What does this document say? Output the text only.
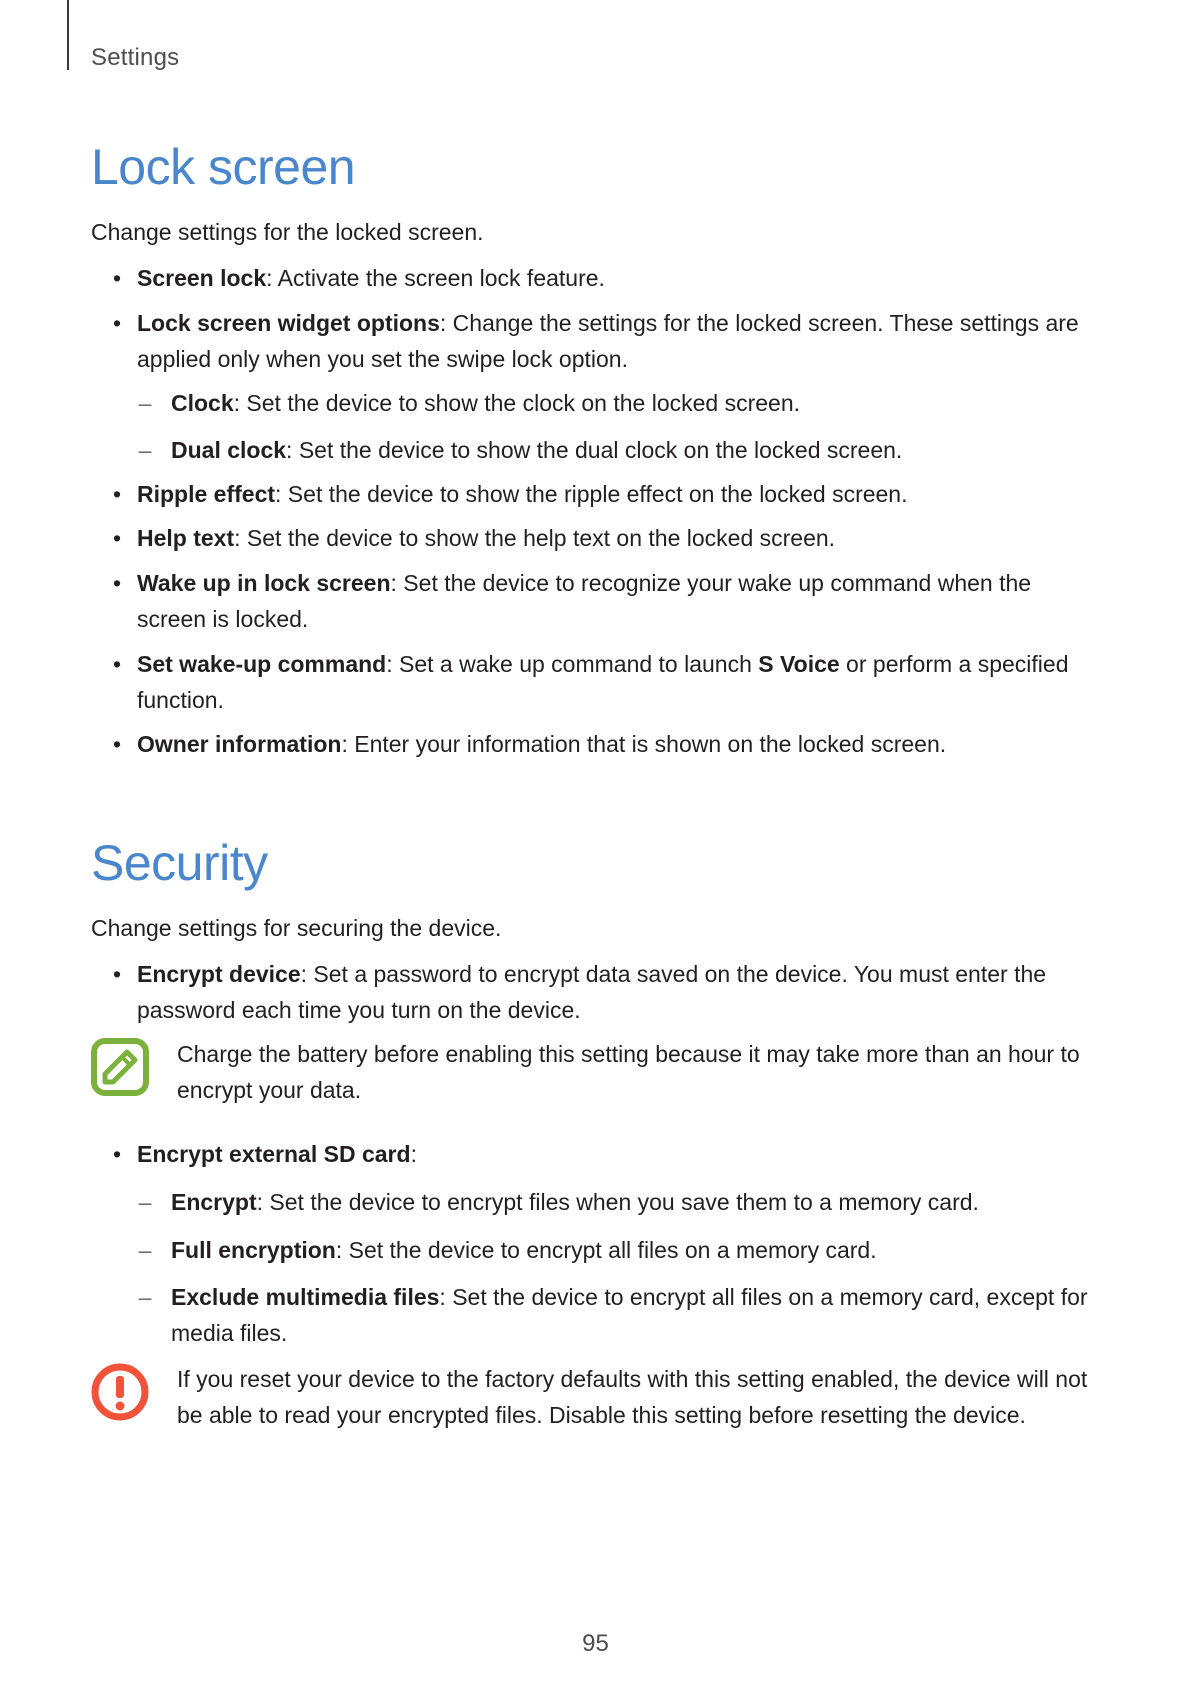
Settings
Lock screen

Change settings for the locked screen.

• Screen lock: Activate the screen lock feature.
• Lock screen widget options: Change the settings for the locked screen. These settings are applied only when you set the swipe lock option.
– Clock: Set the device to show the clock on the locked screen.
– Dual clock: Set the device to show the dual clock on the locked screen.
• Ripple effect: Set the device to show the ripple effect on the locked screen.
• Help text: Set the device to show the help text on the locked screen.
• Wake up in lock screen: Set the device to recognize your wake up command when the screen is locked.
• Set wake-up command: Set a wake up command to launch S Voice or perform a specified function.
• Owner information: Enter your information that is shown on the locked screen.
Security

Change settings for securing the device.

• Encrypt device: Set a password to encrypt data saved on the device. You must enter the password each time you turn on the device.
Charge the battery before enabling this setting because it may take more than an hour to encrypt your data.
• Encrypt external SD card:
– Encrypt: Set the device to encrypt files when you save them to a memory card.
– Full encryption: Set the device to encrypt all files on a memory card.
– Exclude multimedia files: Set the device to encrypt all files on a memory card, except for media files.
If you reset your device to the factory defaults with this setting enabled, the device will not be able to read your encrypted files. Disable this setting before resetting the device.
95
